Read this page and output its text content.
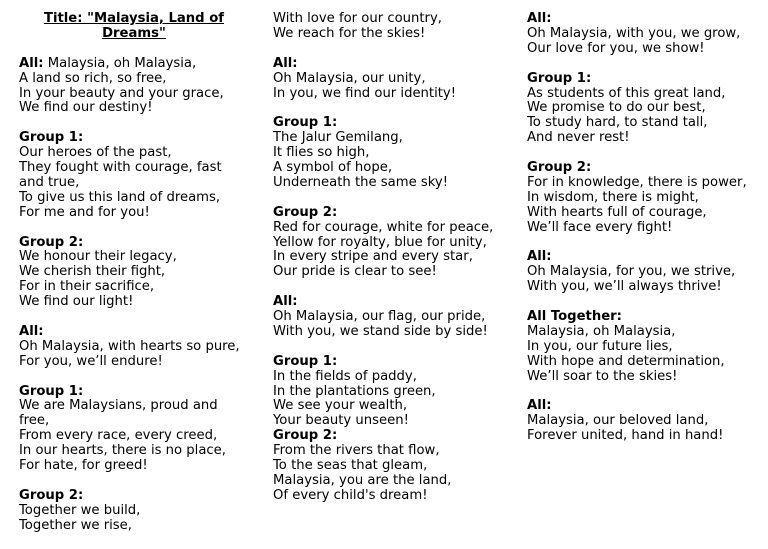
Title: "Malaysia, Land of Dreams"
All: Malaysia, oh Malaysia,
A land so rich, so free,
In your beauty and your grace,
We find our destiny!
Group 1:
Our heroes of the past,
They fought with courage, fast and true,
To give us this land of dreams,
For me and for you!
Group 2:
We honour their legacy,
We cherish their fight,
For in their sacrifice,
We find our light!
All:
Oh Malaysia, with hearts so pure,
For you, we’ll endure!
Group 1:
We are Malaysians, proud and free,
From every race, every creed,
In our hearts, there is no place,
For hate, for greed!
Group 2:
Together we build,
Together we rise,
With love for our country,
We reach for the skies!
All:
Oh Malaysia, our unity,
In you, we find our identity!
Group 1:
The Jalur Gemilang,
It flies so high,
A symbol of hope,
Underneath the same sky!
Group 2:
Red for courage, white for peace,
Yellow for royalty, blue for unity,
In every stripe and every star,
Our pride is clear to see!
All:
Oh Malaysia, our flag, our pride,
With you, we stand side by side!
Group 1:
In the fields of paddy,
In the plantations green,
We see your wealth,
Your beauty unseen!
Group 2:
From the rivers that flow,
To the seas that gleam,
Malaysia, you are the land,
Of every child's dream!
All:
Oh Malaysia, with you, we grow,
Our love for you, we show!
Group 1:
As students of this great land,
We promise to do our best,
To study hard, to stand tall,
And never rest!
Group 2:
For in knowledge, there is power,
In wisdom, there is might,
With hearts full of courage,
We’ll face every fight!
All:
Oh Malaysia, for you, we strive,
With you, we’ll always thrive!
All Together:
Malaysia, oh Malaysia,
In you, our future lies,
With hope and determination,
We’ll soar to the skies!
All:
Malaysia, our beloved land,
Forever united, hand in hand!
